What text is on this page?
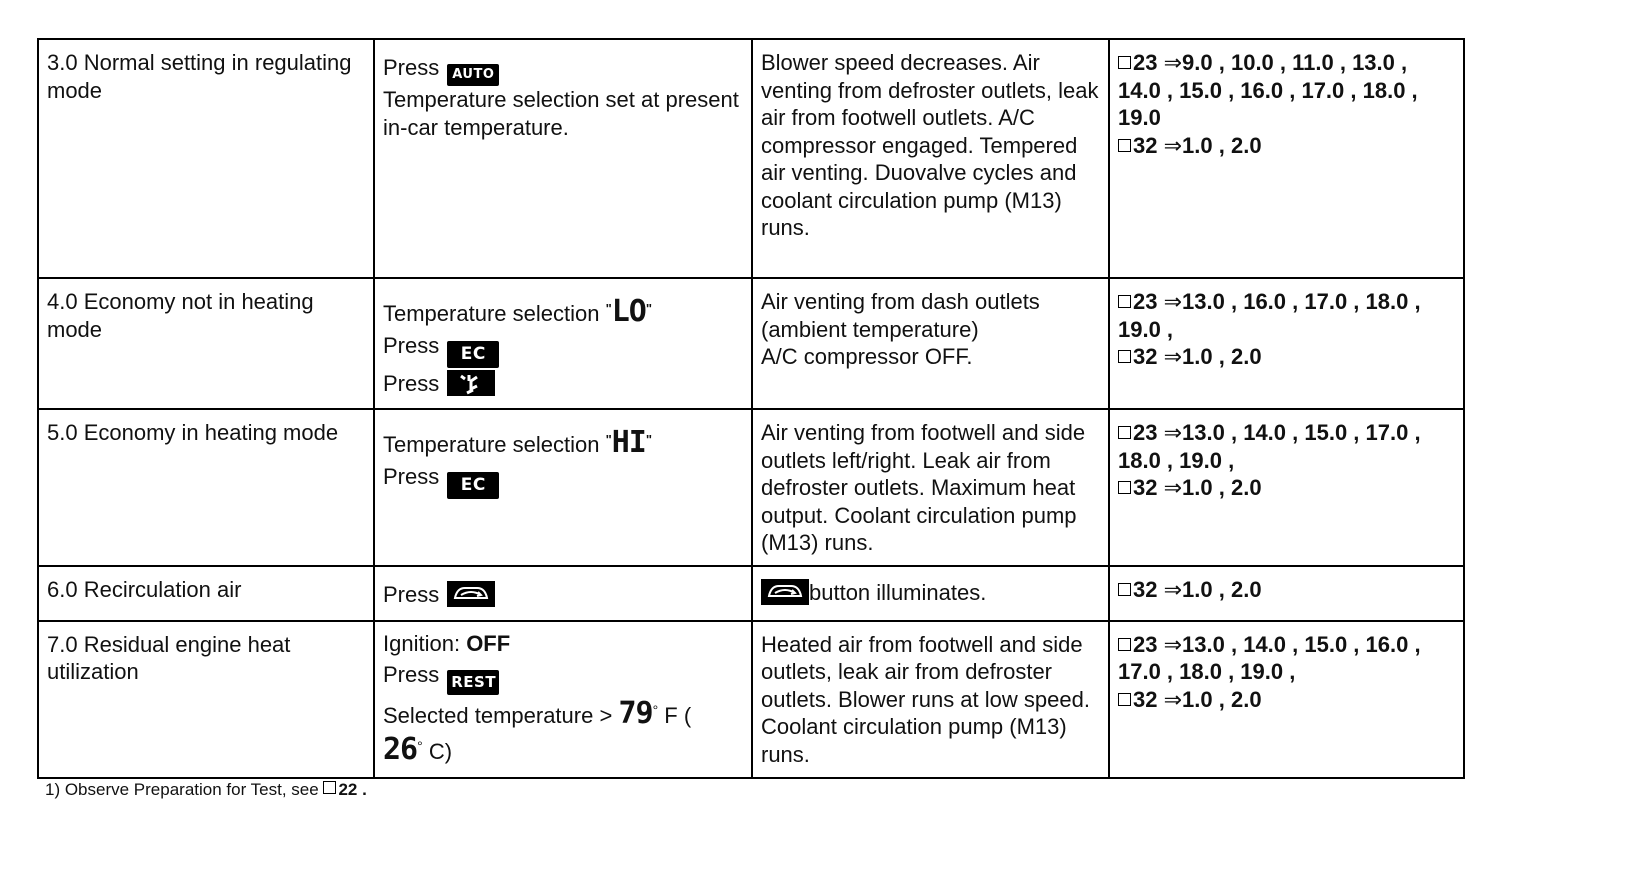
3.0 Normal setting in regulating mode	Press AUTO
Temperature selection set at present in-car temperature.	Blower speed decreases. Air venting from defroster outlets, leak air from footwell outlets. A/C compressor engaged. Tempered air venting. Duovalve cycles and coolant circulation pump (M13) runs.	23 ⇒9.0 , 10.0 , 11.0 , 13.0 , 14.0 , 15.0 , 16.0 , 17.0 , 18.0 , 19.0
32 ⇒1.0 , 2.0
4.0 Economy not in heating mode	Temperature selection "LO"
Press EC
Press	Air venting from dash outlets
(ambient temperature)
A/C compressor OFF.	23 ⇒13.0 , 16.0 , 17.0 , 18.0 , 19.0 ,
32 ⇒1.0 , 2.0
5.0 Economy in heating mode	Temperature selection "HI"
Press EC	Air venting from footwell and side outlets left/right. Leak air from defroster outlets. Maximum heat output. Coolant circulation pump (M13) runs.	23 ⇒13.0 , 14.0 , 15.0 , 17.0 , 18.0 , 19.0 ,
32 ⇒1.0 , 2.0
6.0 Recirculation air	Press	button illuminates.	32 ⇒1.0 , 2.0
7.0 Residual engine heat utilization	Ignition: OFF
Press REST
Selected temperature > 79° F (
26° C)	Heated air from footwell and side outlets, leak air from defroster outlets. Blower runs at low speed. Coolant circulation pump (M13) runs.	23 ⇒13.0 , 14.0 , 15.0 , 16.0 , 17.0 , 18.0 , 19.0 ,
32 ⇒1.0 , 2.0
1) Observe Preparation for Test, see 22 .
